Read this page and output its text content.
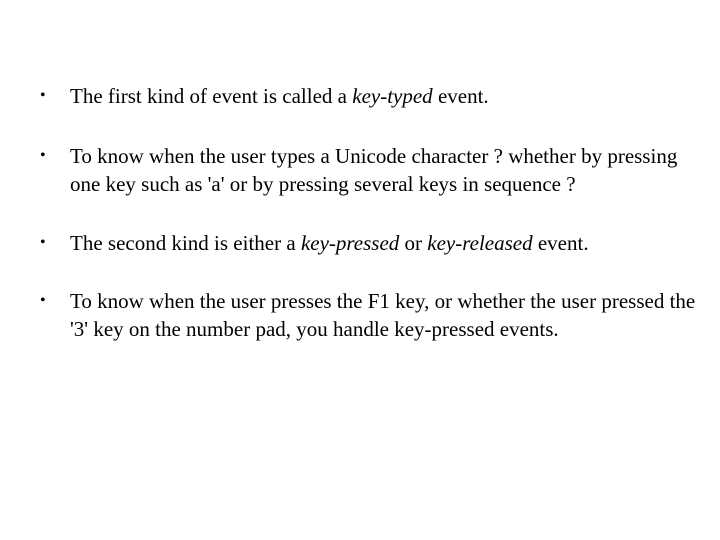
• The first kind of event is called a key-typed event.
• To know when the user types a Unicode character ? whether by pressing one key such as 'a' or by pressing several keys in sequence ?
• The second kind is either a key-pressed or key-released event.
• To know when the user presses the F1 key, or whether the user pressed the '3' key on the number pad, you handle key-pressed events.
